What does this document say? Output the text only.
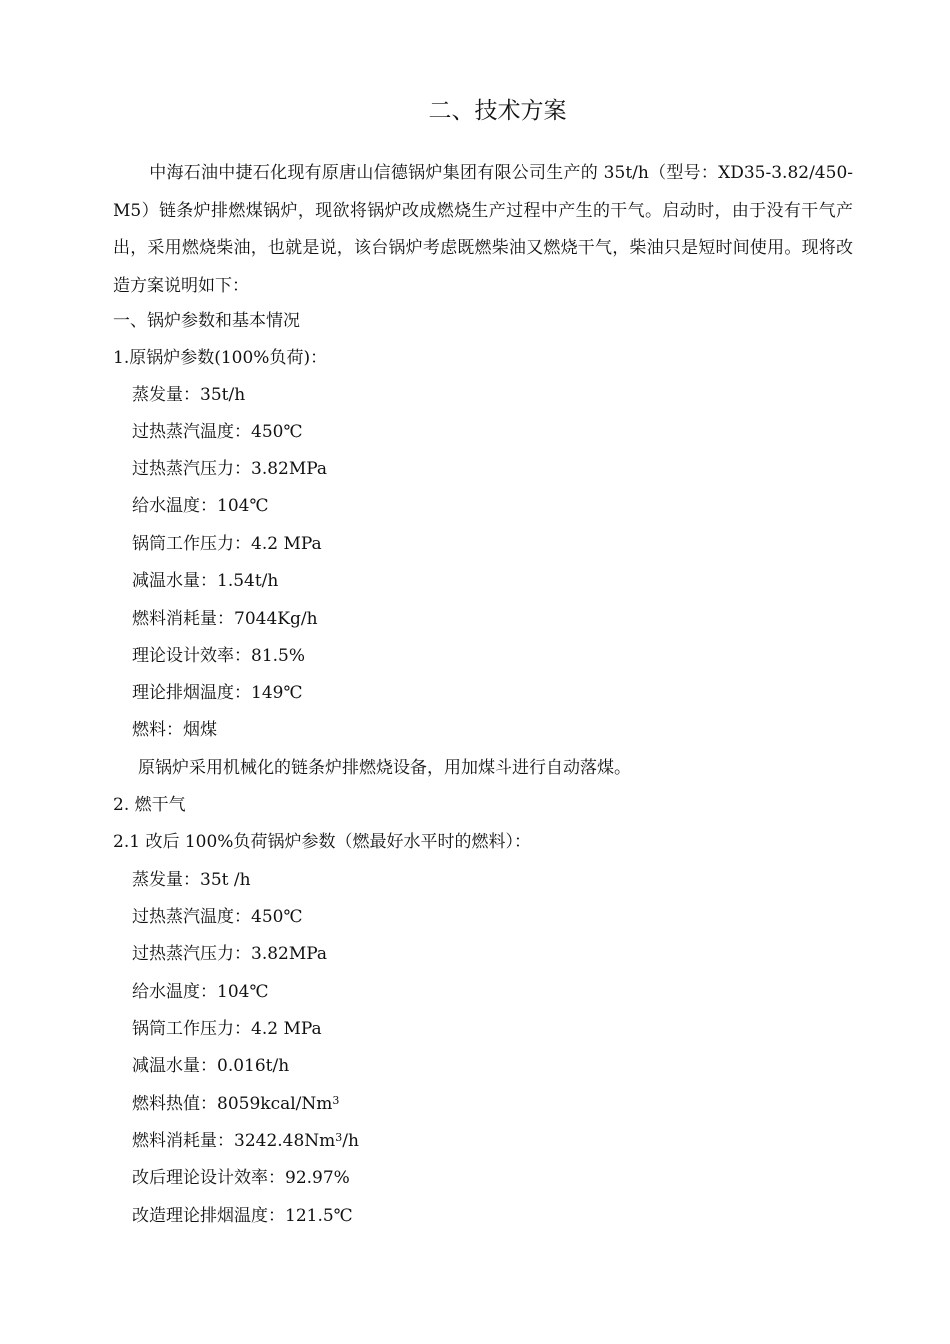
二、技术方案
中海石油中捷石化现有原唐山信德锅炉集团有限公司生产的 35t/h（型号：XD35-3.82/450-M5）链条炉排燃煤锅炉，现欲将锅炉改成燃烧生产过程中产生的干气。启动时，由于没有干气产出，采用燃烧柴油，也就是说，该台锅炉考虑既燃柴油又燃烧干气，柴油只是短时间使用。现将改造方案说明如下：
一、锅炉参数和基本情况
1.原锅炉参数(100%负荷)：
蒸发量：35t/h
过热蒸汽温度：450℃
过热蒸汽压力：3.82MPa
给水温度：104℃
锅筒工作压力：4.2 MPa
减温水量：1.54t/h
燃料消耗量：7044Kg/h
理论设计效率：81.5%
理论排烟温度：149℃
燃料：烟煤
原锅炉采用机械化的链条炉排燃烧设备，用加煤斗进行自动落煤。
2. 燃干气
2.1 改后 100%负荷锅炉参数（燃最好水平时的燃料）：
蒸发量：35t /h
过热蒸汽温度：450℃
过热蒸汽压力：3.82MPa
给水温度：104℃
锅筒工作压力：4.2 MPa
减温水量：0.016t/h
燃料热值：8059kcal/Nm$^3$
燃料消耗量：3242.48Nm$^3$/h
改后理论设计效率：92.97%
改造理论排烟温度：121.5℃
